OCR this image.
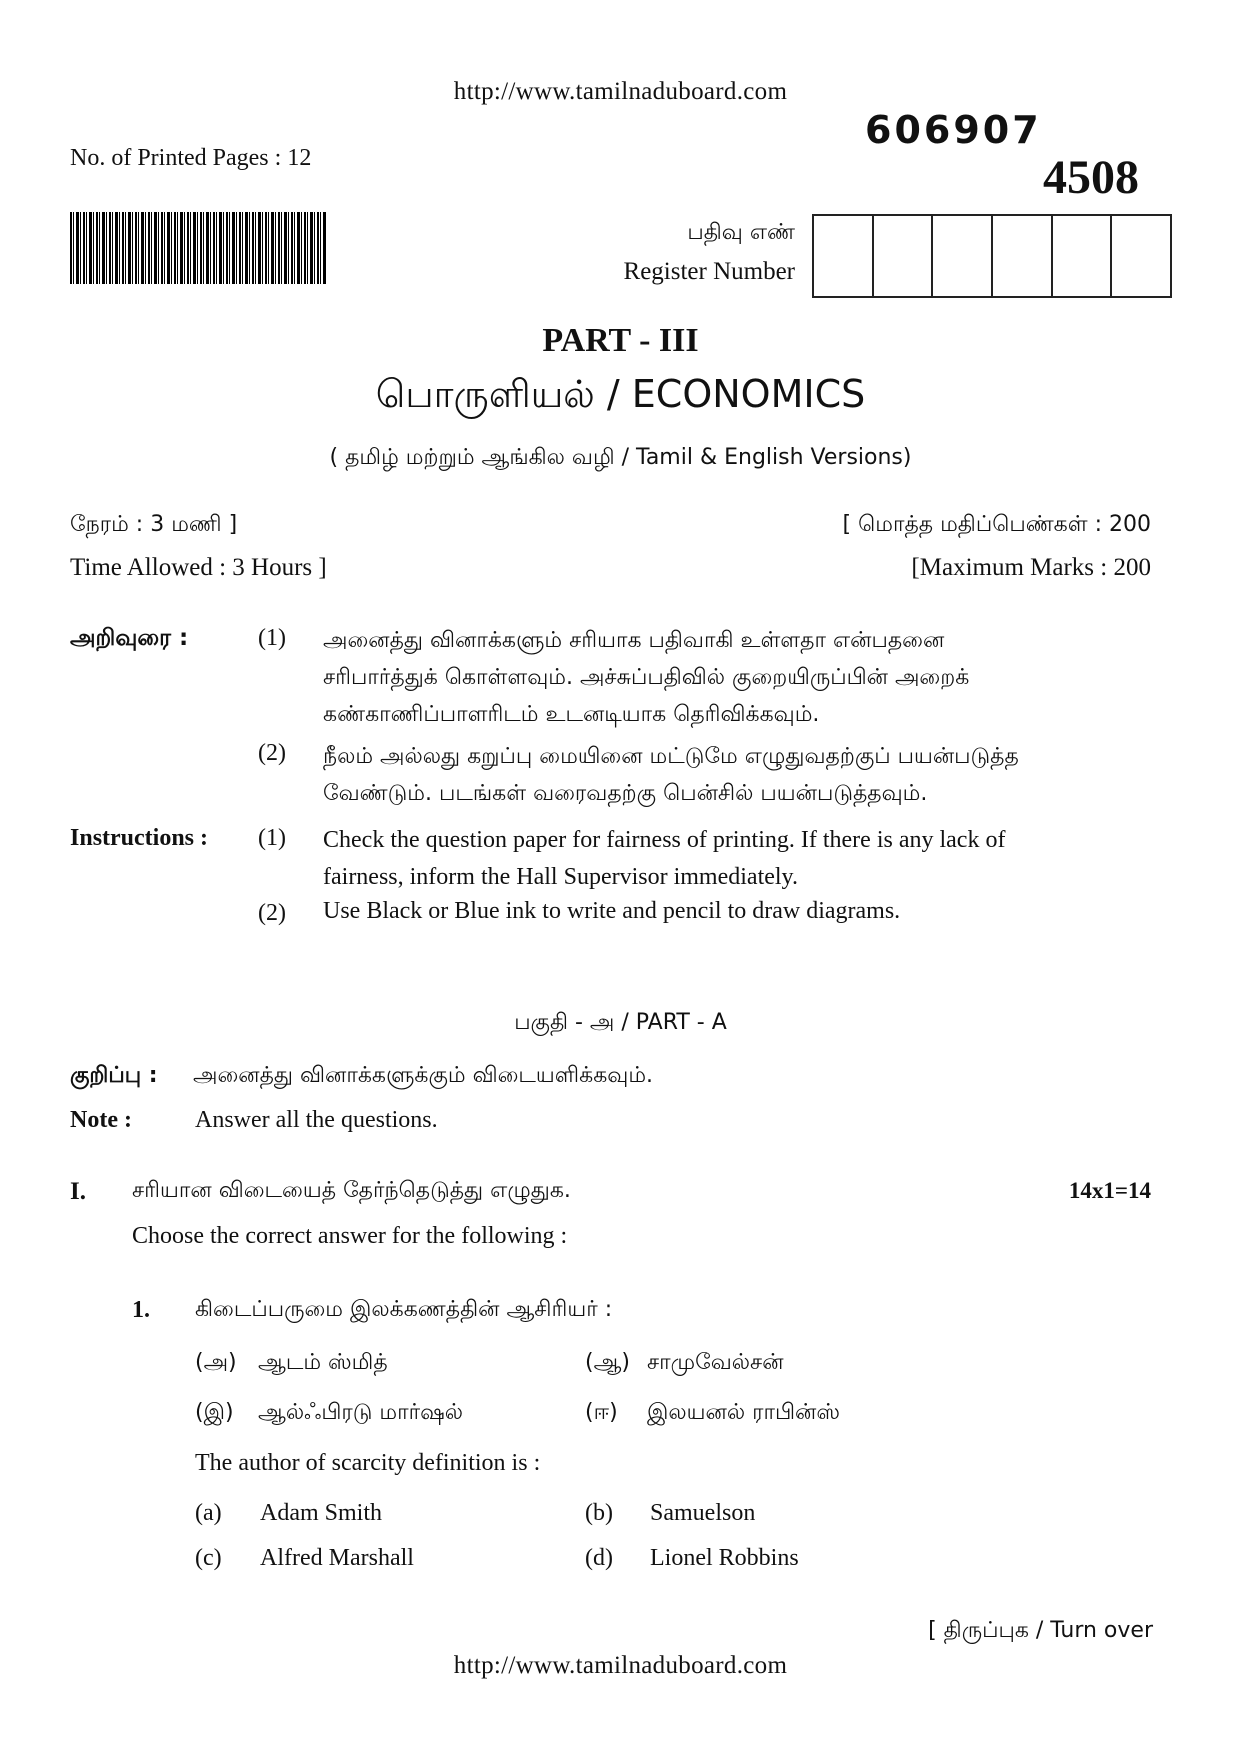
http://www.tamilnaduboard.com
606907
4508
No. of Printed Pages : 12
பதிவு எண்
Register Number
PART - III
பொருளியல் / ECONOMICS
( தமிழ் மற்றும் ஆங்கில வழி / Tamil & English Versions)
நேரம் : 3 மணி ]
Time Allowed : 3 Hours ]
[ மொத்த மதிப்பெண்கள் : 200
[Maximum Marks : 200
அறிவுரை :	(1) அனைத்து வினாக்களும் சரியாக பதிவாகி உள்ளதா என்பதனை
சரிபார்த்துக் கொள்ளவும். அச்சுப்பதிவில் குறையிருப்பின் அறைக்
கண்காணிப்பாளரிடம் உடனடியாக தெரிவிக்கவும்.
(2) நீலம் அல்லது கறுப்பு மையினை மட்டுமே எழுதுவதற்குப் பயன்படுத்த
வேண்டும். படங்கள் வரைவதற்கு பென்சில் பயன்படுத்தவும்.
Instructions : (1) Check the question paper for fairness of printing. If there is any lack of
fairness, inform the Hall Supervisor immediately.
(2) Use Black or Blue ink to write and pencil to draw diagrams.
பகுதி - அ / PART - A
குறிப்பு : அனைத்து வினாக்களுக்கும் விடையளிக்கவும்.
Note :	Answer all the questions.
I. சரியான விடையைத் தேர்ந்தெடுத்து எழுதுக.	14x1=14
Choose the correct answer for the following :
1. கிடைப்பருமை இலக்கணத்தின் ஆசிரியர் :
(அ) ஆடம் ஸ்மித்	(ஆ) சாமுவேல்சன்
(இ) ஆல்ஃபிரடு மார்ஷல்	(ஈ) இலயனல் ராபின்ஸ்
The author of scarcity definition is :
(a) Adam Smith	(b) Samuelson
(c) Alfred Marshall	(d) Lionel Robbins
[ திருப்புக / Turn over
http://www.tamilnaduboard.com
